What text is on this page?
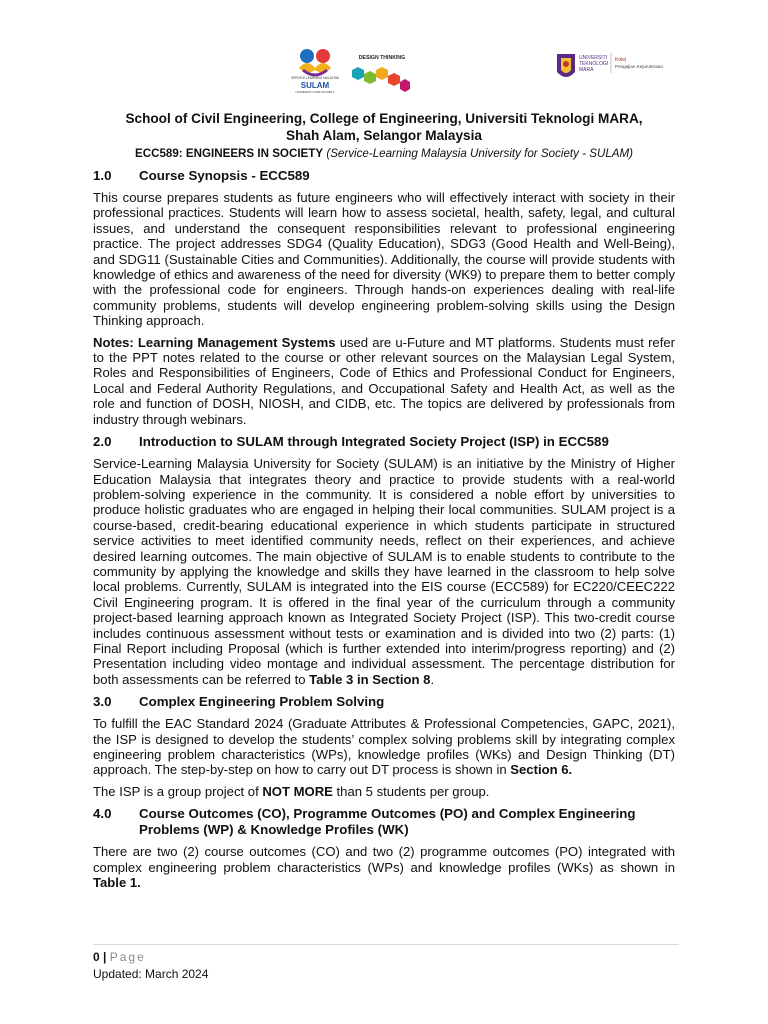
SERVICE LEARNING MALAYSIA
SULAM
UNIVERSITY FOR SOCIETY
DESIGN THINKING	UNIVERSITI
TEKNOLOGI
MARA
Kolej
Pengajian Kejuruteraan
School of Civil Engineering, College of Engineering, Universiti Teknologi MARA,
Shah Alam, Selangor Malaysia
ECC589: ENGINEERS IN SOCIETY (Service-Learning Malaysia University for Society - SULAM)
1.0	Course Synopsis - ECC589

This course prepares students as future engineers who will effectively interact with society in their professional practices. Students will learn how to assess societal, health, safety, legal, and cultural issues, and understand the consequent responsibilities relevant to professional engineering practice. The project addresses SDG4 (Quality Education), SDG3 (Good Health and Well-Being), and SDG11 (Sustainable Cities and Communities). Additionally, the course will provide students with knowledge of ethics and awareness of the need for diversity (WK9) to prepare them to better comply with the professional code for engineers. Through hands-on experiences dealing with real-life community problems, students will develop engineering problem-solving skills using the Design Thinking approach.

Notes: Learning Management Systems used are u-Future and MT platforms. Students must refer to the PPT notes related to the course or other relevant sources on the Malaysian Legal System, Roles and Responsibilities of Engineers, Code of Ethics and Professional Conduct for Engineers, Local and Federal Authority Regulations, and Occupational Safety and Health Act, as well as the role and function of DOSH, NIOSH, and CIDB, etc. The topics are delivered by professionals from industry through webinars.

2.0	Introduction to SULAM through Integrated Society Project (ISP) in ECC589

Service-Learning Malaysia University for Society (SULAM) is an initiative by the Ministry of Higher Education Malaysia that integrates theory and practice to provide students with a real-world problem-solving experience in the community. It is considered a noble effort by universities to produce holistic graduates who are engaged in helping their local communities. SULAM project is a course-based, credit-bearing educational experience in which students participate in structured service activities to meet identified community needs, reflect on their experiences, and achieve desired learning outcomes. The main objective of SULAM is to enable students to contribute to the community by applying the knowledge and skills they have learned in the classroom to help solve local problems. Currently, SULAM is integrated into the EIS course (ECC589) for EC220/CEEC222 Civil Engineering program. It is offered in the final year of the curriculum through a community project-based learning approach known as Integrated Society Project (ISP). This two-credit course includes continuous assessment without tests or examination and is divided into two (2) parts: (1) Final Report including Proposal (which is further extended into interim/progress reporting) and (2) Presentation including video montage and individual assessment. The percentage distribution for both assessments can be referred to Table 3 in Section 8.

3.0	Complex Engineering Problem Solving

To fulfill the EAC Standard 2024 (Graduate Attributes & Professional Competencies, GAPC, 2021), the ISP is designed to develop the students’ complex solving problems skill by integrating complex engineering problem characteristics (WPs), knowledge profiles (WKs) and Design Thinking (DT) approach. The step-by-step on how to carry out DT process is shown in Section 6.

The ISP is a group project of NOT MORE than 5 students per group.

4.0	Course Outcomes (CO), Programme Outcomes (PO) and Complex Engineering Problems (WP) & Knowledge Profiles (WK)

There are two (2) course outcomes (CO) and two (2) programme outcomes (PO) integrated with complex engineering problem characteristics (WPs) and knowledge profiles (WKs) as shown in Table 1.

0 | Page
Updated: March 2024
